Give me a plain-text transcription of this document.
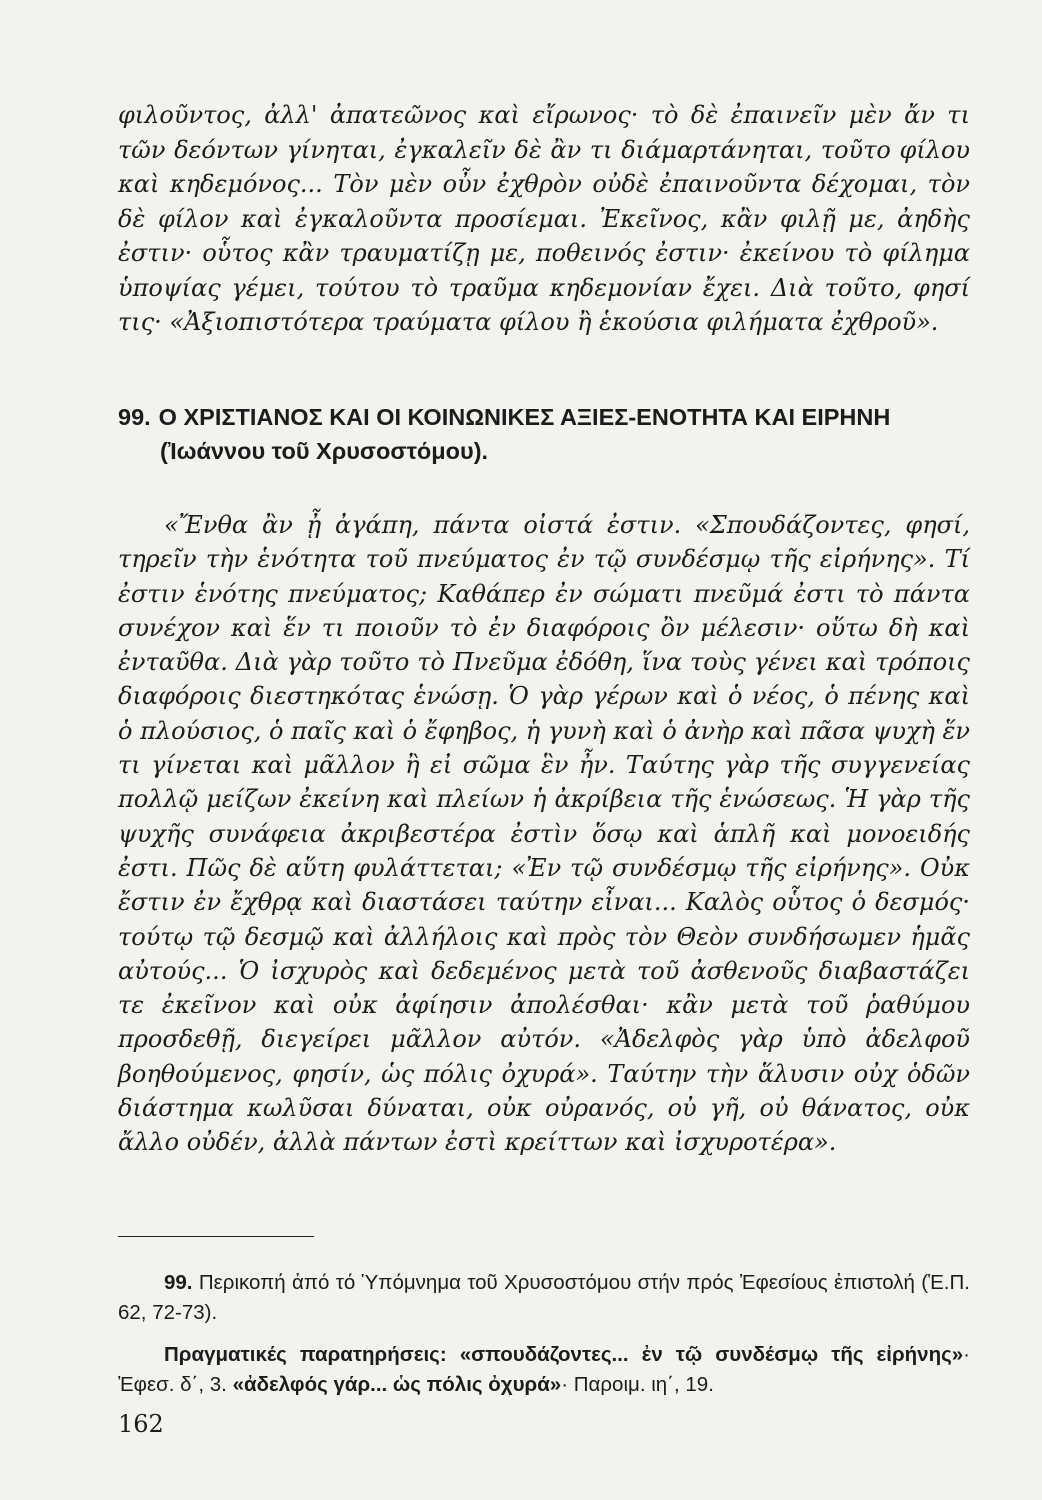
φιλοῦντος, ἀλλ' ἀπατεῶνος καὶ εἴρωνος· τὸ δὲ ἐπαινεῖν μὲν ἄν τι τῶν δεόντων γίνηται, ἐγκαλεῖν δὲ ἂν τι διάμαρτάνηται, τοῦτο φίλου καὶ κηδεμόνος... Τὸν μὲν οὖν ἐχθρὸν οὐδὲ ἐπαινοῦντα δέχομαι, τὸν δὲ φίλον καὶ ἐγκαλοῦντα προσίεμαι. Ἐκεῖνος, κἂν φιλῇ με, ἀηδὴς ἐστιν· οὗτος κἂν τραυματίζῃ με, ποθεινός ἐστιν· ἐκείνου τὸ φίλημα ὑποψίας γέμει, τούτου τὸ τραῦμα κηδεμονίαν ἔχει. Διὰ τοῦτο, φησί τις· «Ἀξιοπιστότερα τραύματα φίλου ἢ ἑκούσια φιλήματα ἐχθροῦ».

99. Ο ΧΡΙΣΤΙΑΝΟΣ ΚΑΙ ΟΙ ΚΟΙΝΩΝΙΚΕΣ ΑΞΙΕΣ-ΕΝΟΤΗΤΑ ΚΑΙ ΕΙΡΗΝΗ
(Ἰωάννου τοῦ Χρυσοστόμου).

«Ἔνθα ἂν ᾖ ἀγάπη, πάντα οἰστά ἐστιν. «Σπουδάζοντες, φησί, τηρεῖν τὴν ἑνότητα τοῦ πνεύματος ἐν τῷ συνδέσμῳ τῆς εἰρήνης». Τί ἐστιν ἑνότης πνεύματος; Καθάπερ ἐν σώματι πνεῦμά ἐστι τὸ πάντα συνέχον καὶ ἕν τι ποιοῦν τὸ ἐν διαφόροις ὂν μέλεσιν· οὕτω δὴ καὶ ἐνταῦθα. Διὰ γὰρ τοῦτο τὸ Πνεῦμα ἐδόθη, ἵνα τοὺς γένει καὶ τρόποις διαφόροις διεστηκότας ἑνώσῃ. Ὁ γὰρ γέρων καὶ ὁ νέος, ὁ πένης καὶ ὁ πλούσιος, ὁ παῖς καὶ ὁ ἔφηβος, ἡ γυνὴ καὶ ὁ ἀνὴρ καὶ πᾶσα ψυχὴ ἕν τι γίνεται καὶ μᾶλλον ἢ εἰ σῶμα ἓν ἦν. Ταύτης γὰρ τῆς συγγενείας πολλῷ μείζων ἐκείνη καὶ πλείων ἡ ἀκρίβεια τῆς ἑνώσεως. Ἡ γὰρ τῆς ψυχῆς συνάφεια ἀκριβεστέρα ἐστὶν ὅσῳ καὶ ἁπλῆ καὶ μονοειδής ἐστι. Πῶς δὲ αὕτη φυλάττεται; «Ἐν τῷ συνδέσμῳ τῆς εἰρήνης». Οὐκ ἔστιν ἐν ἔχθρᾳ καὶ διαστάσει ταύτην εἶναι... Καλὸς οὗτος ὁ δεσμός· τούτῳ τῷ δεσμῷ καὶ ἀλλήλοις καὶ πρὸς τὸν Θεὸν συνδήσωμεν ἡμᾶς αὐτούς... Ὁ ἰσχυρὸς καὶ δεδεμένος μετὰ τοῦ ἀσθενοῦς διαβαστάζει τε ἐκεῖνον καὶ οὐκ ἀφίησιν ἀπολέσθαι· κἂν μετὰ τοῦ ῥαθύμου προσδεθῇ, διεγείρει μᾶλλον αὐτόν. «Ἀδελφὸς γὰρ ὑπὸ ἀδελφοῦ βοηθούμενος, φησίν, ὡς πόλις ὀχυρά». Ταύτην τὴν ἅλυσιν οὐχ ὁδῶν διάστημα κωλῦσαι δύναται, οὐκ οὐρανός, οὐ γῆ, οὐ θάνατος, οὐκ ἄλλο οὐδέν, ἀλλὰ πάντων ἐστὶ κρείττων καὶ ἰσχυροτέρα».

99. Περικοπή ἀπό τό Ὑπόμνημα τοῦ Χρυσοστόμου στήν πρός Ἐφεσίους ἐπιστολή (Ἑ.Π. 62, 72-73).

Πραγματικές παρατηρήσεις: «σπουδάζοντες... ἐν τῷ συνδέσμῳ τῆς εἰρήνης»· Ἐφεσ. δ΄, 3. «ἀδελφός γάρ... ὡς πόλις ὀχυρά»· Παροιμ. ιη΄, 19.

162
